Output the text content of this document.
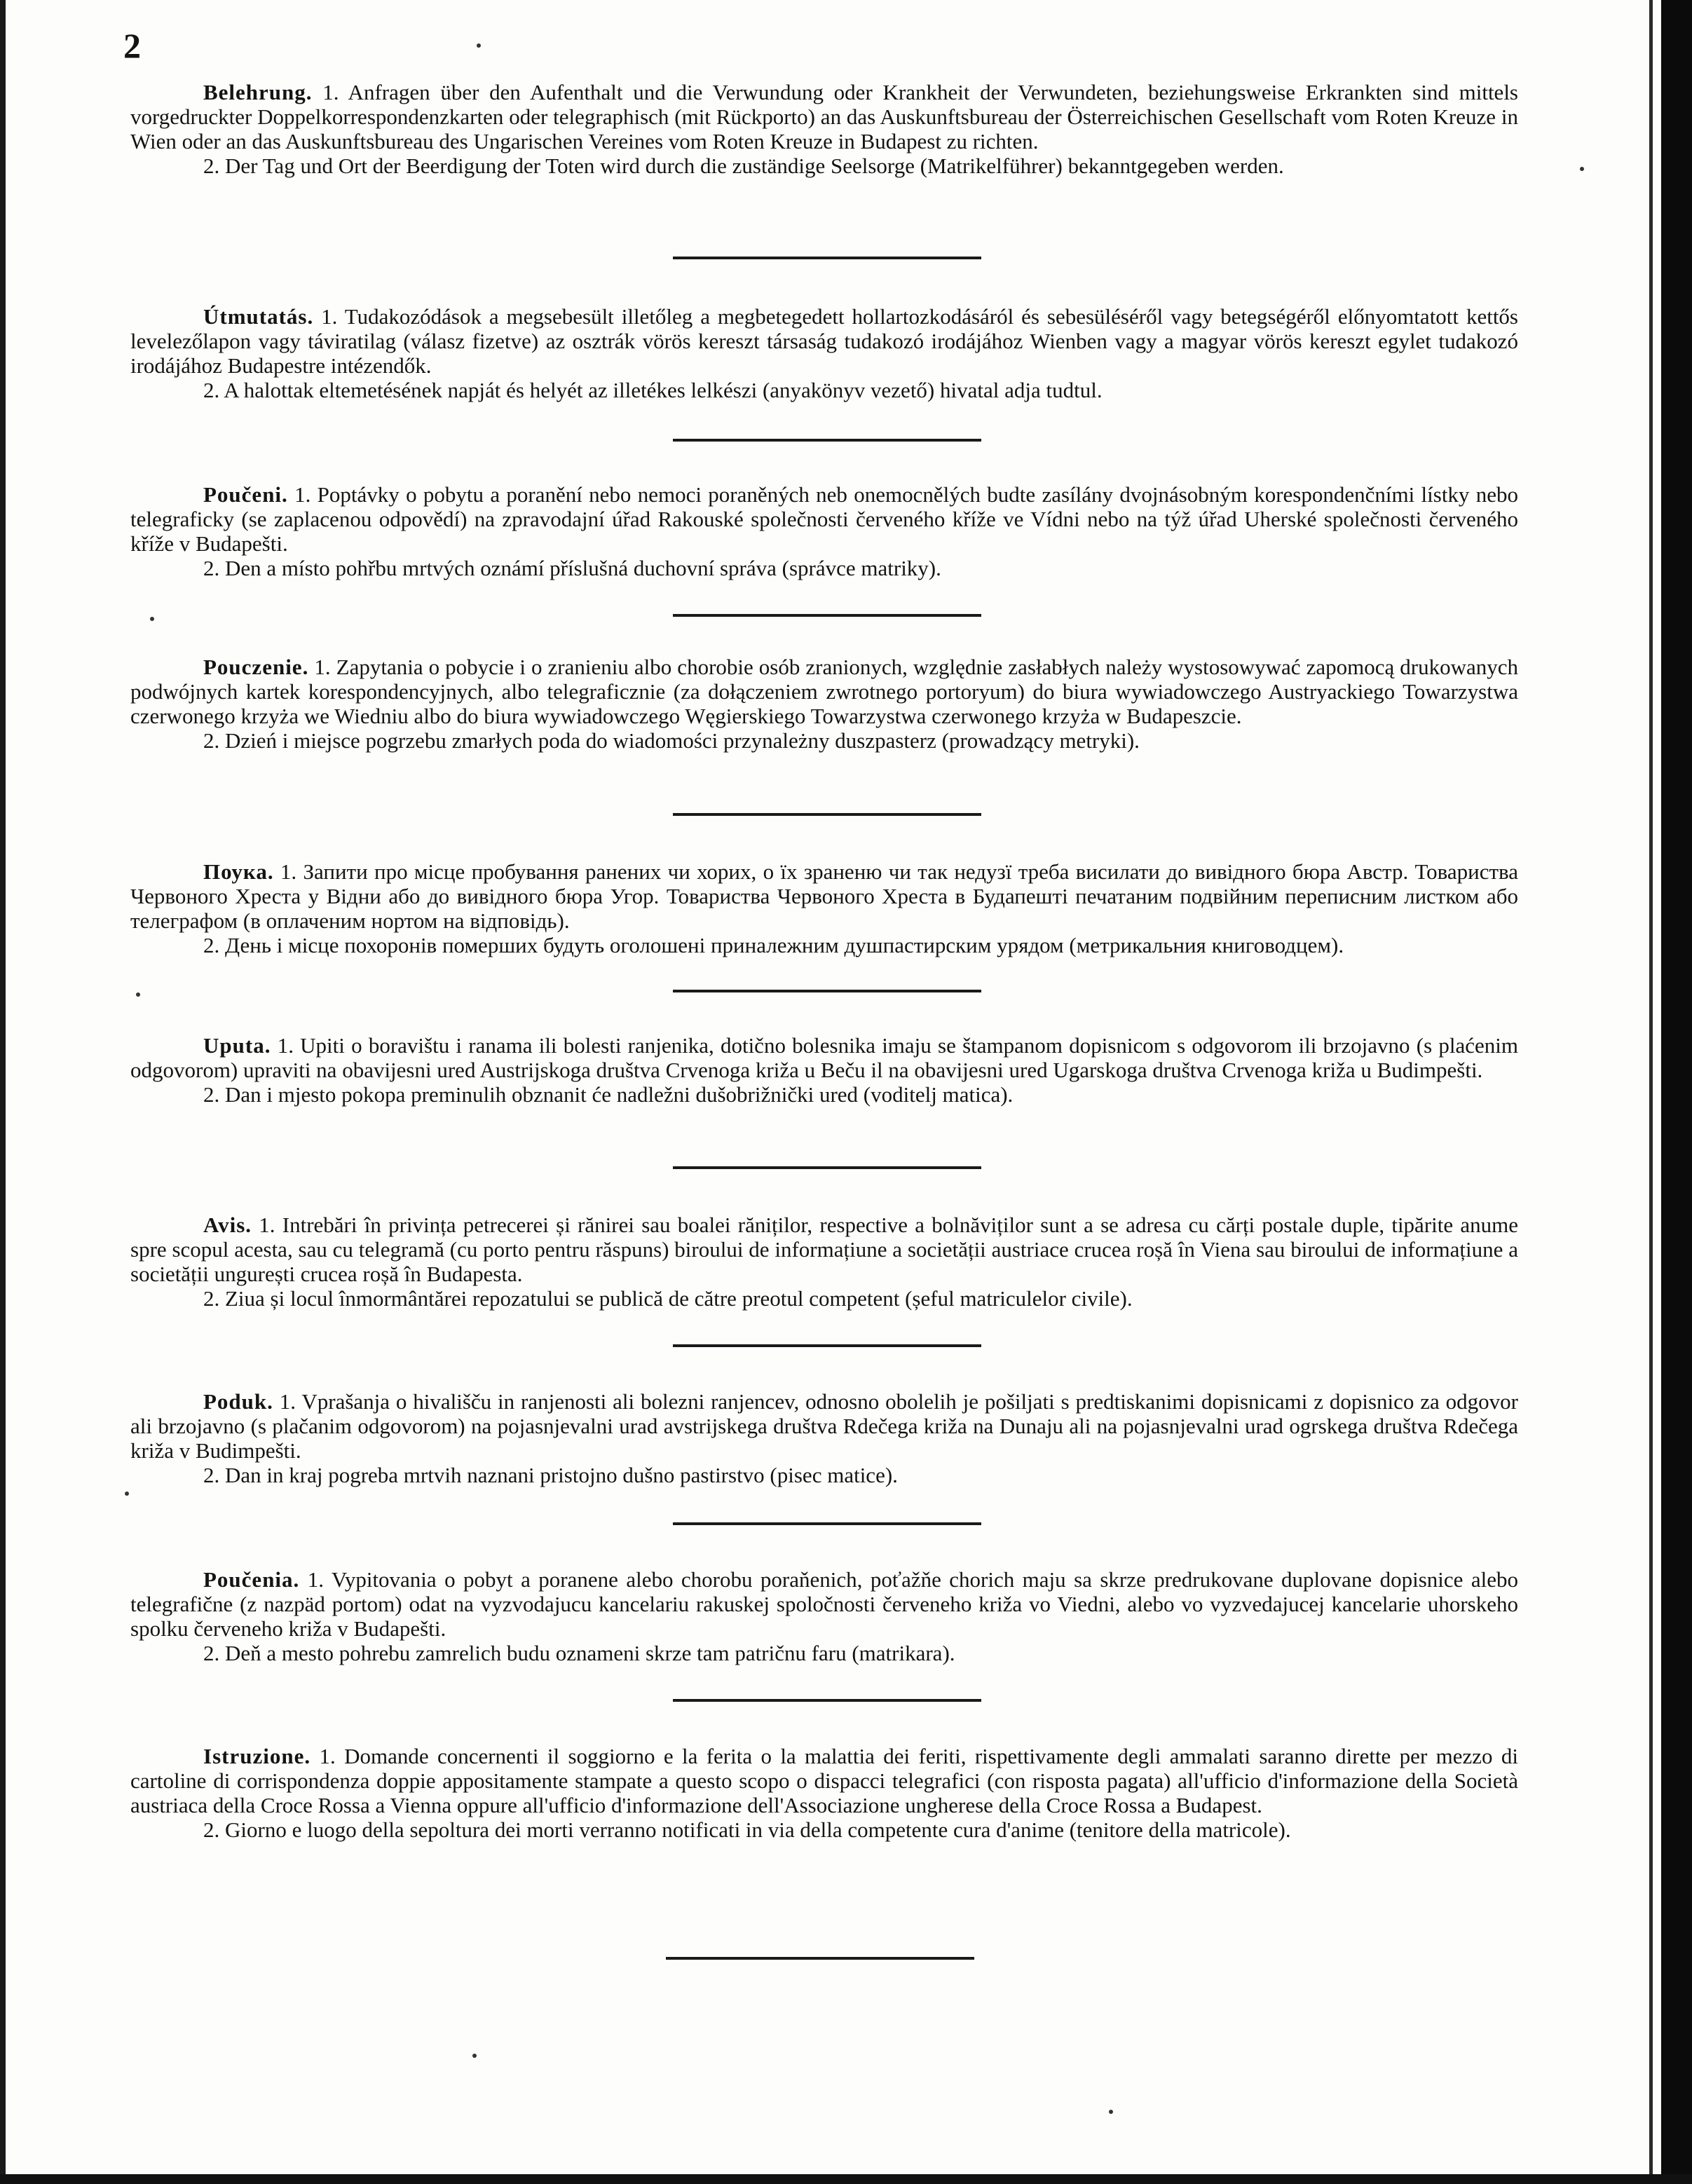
2

Belehrung. 1. Anfragen über den Aufenthalt und die Verwundung oder Krankheit der Verwundeten, beziehungsweise Erkrankten sind mittels vorgedruckter Doppelkorrespondenzkarten oder telegraphisch (mit Rückporto) an das Auskunftsbureau der Österreichischen Gesellschaft vom Roten Kreuze in Wien oder an das Auskunftsbureau des Ungarischen Vereines vom Roten Kreuze in Budapest zu richten.

2. Der Tag und Ort der Beerdigung der Toten wird durch die zuständige Seelsorge (Matrikelführer) bekanntgegeben werden.

Útmutatás. 1. Tudakozódások a megsebesült illetőleg a megbetegedett hollartozkodásáról és sebesüléséről vagy betegségéről előnyomtatott kettős levelezőlapon vagy táviratilag (válasz fizetve) az osztrák vörös kereszt társaság tudakozó irodájához Wienben vagy a magyar vörös kereszt egylet tudakozó irodájához Budapestre intézendők.

2. A halottak eltemetésének napját és helyét az illetékes lelkészi (anyakönyv vezető) hivatal adja tudtul.

Poučeni. 1. Poptávky o pobytu a poranění nebo nemoci poraněných neb onemocnělých budte zasílány dvojnásobným korespondenčními lístky nebo telegraficky (se zaplacenou odpovědí) na zpravodajní úřad Rakouské společnosti červeného kříže ve Vídni nebo na týž úřad Uherské společnosti červeného kříže v Budapešti.

2. Den a místo pohřbu mrtvých oznámí příslušná duchovní správa (správce matriky).

Pouczenie. 1. Zapytania o pobycie i o zranieniu albo chorobie osób zranionych, względnie zasłabłych należy wystosowywać zapomocą drukowanych podwójnych kartek korespondencyjnych, albo telegraficznie (za dołączeniem zwrotnego portoryum) do biura wywiadowczego Austryackiego Towarzystwa czerwonego krzyża we Wiedniu albo do biura wywiadowczego Węgierskiego Towarzystwa czerwonego krzyża w Budapeszcie.

2. Dzień i miejsce pogrzebu zmarłych poda do wiadomości przynależny duszpasterz (prowadzący metryki).

Поука. 1. Запити про місце пробування ранених чи хорих, о їх зраненю чи так недузї треба висилати до вивідного бюра Австр. Товариства Червоного Хреста у Відни або до вивідного бюра Угор. Товариства Червоного Хреста в Будапешті печатаним подвійним переписним листком або телеграфом (в оплаченим нортом на відповідь).

2. День і місце похоронів померших будуть оголошені приналежним душпастирским урядом (метрикальния книговодцем).

Uputa. 1. Upiti o boravištu i ranama ili bolesti ranjenika, dotično bolesnika imaju se štampanom dopisnicom s odgovorom ili brzojavno (s plaćenim odgovorom) upraviti na obavijesni ured Austrijskoga društva Crvenoga križa u Beču il na obavijesni ured Ugarskoga društva Crvenoga križa u Budimpešti.

2. Dan i mjesto pokopa preminulih obznanit će nadležni dušobrižnički ured (voditelj matica).

Avis. 1. Intrebări în privința petrecerei și rănirei sau boalei răniților, respective a bolnăviților sunt a se adresa cu cărți postale duple, tipărite anume spre scopul acesta, sau cu telegramă (cu porto pentru răspuns) biroului de informațiune a societății austriace crucea roșă în Viena sau biroului de informațiune a societății ungurești crucea roșă în Budapesta.

2. Ziua și locul înmormântărei repozatului se publică de către preotul competent (șeful matriculelor civile).

Poduk. 1. Vprašanja o hivališču in ranjenosti ali bolezni ranjencev, odnosno obolelih je pošiljati s predtiskanimi dopisnicami z dopisnico za odgovor ali brzojavno (s plačanim odgovorom) na pojasnjevalni urad avstrijskega društva Rdečega križa na Dunaju ali na pojasnjevalni urad ogrskega društva Rdečega križa v Budimpešti.

2. Dan in kraj pogreba mrtvih naznani pristojno dušno pastirstvo (pisec matice).

Poučenia. 1. Vypitovania o pobyt a poranene alebo chorobu poraňenich, poťažňe chorich maju sa skrze predrukovane duplovane dopisnice alebo telegrafične (z nazpäd portom) odat na vyzvodajucu kancelariu rakuskej spoločnosti červeneho križa vo Viedni, alebo vo vyzvedajucej kancelarie uhorskeho spolku červeneho križa v Budapešti.

2. Deň a mesto pohrebu zamrelich budu oznameni skrze tam patričnu faru (matrikara).

Istruzione. 1. Domande concernenti il soggiorno e la ferita o la malattia dei feriti, rispettivamente degli ammalati saranno dirette per mezzo di cartoline di corrispondenza doppie appositamente stampate a questo scopo o dispacci telegrafici (con risposta pagata) all'ufficio d'informazione della Società austriaca della Croce Rossa a Vienna oppure all'ufficio d'informazione dell'Associazione ungherese della Croce Rossa a Budapest.

2. Giorno e luogo della sepoltura dei morti verranno notificati in via della competente cura d'anime (tenitore della matricole).
